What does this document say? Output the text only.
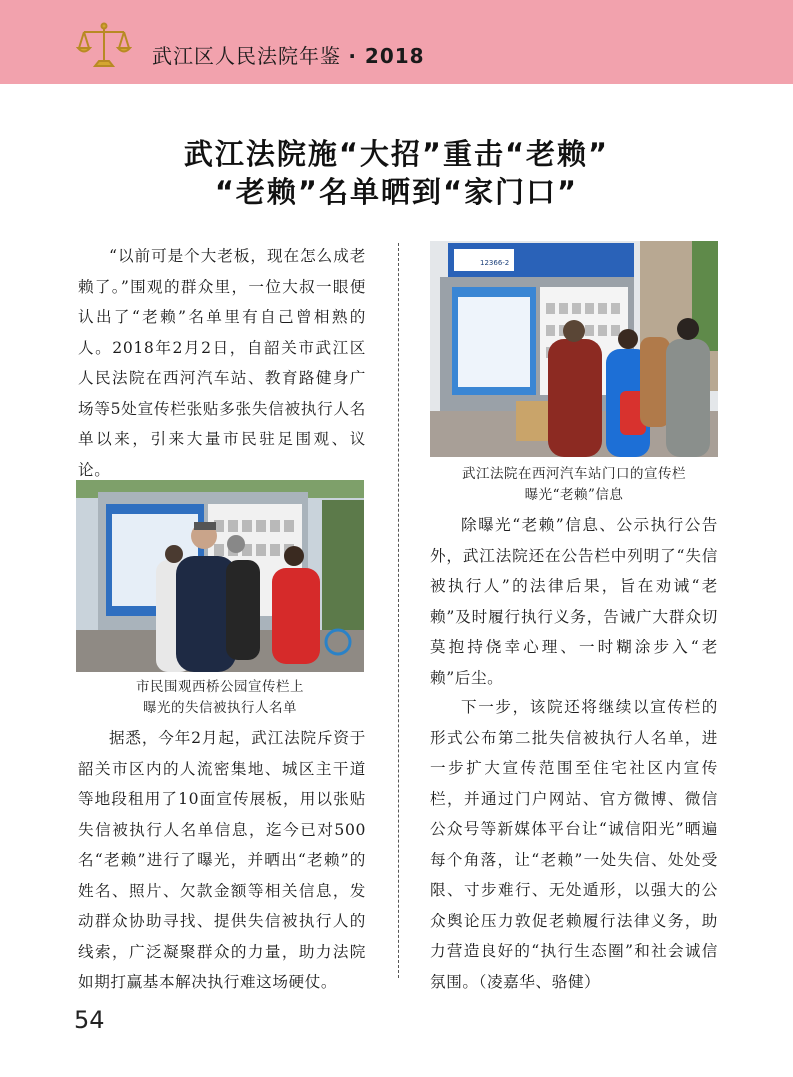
武江区人民法院年鉴 · 2018
武江法院施“大招”重击“老赖”
“老赖”名单晒到“家门口”

“以前可是个大老板，现在怎么成老赖了。”围观的群众里，一位大叔一眼便认出了“老赖”名单里有自己曾相熟的人。2018年2月2日，自韶关市武江区人民法院在西河汽车站、教育路健身广场等5处宣传栏张贴多张失信被执行人名单以来，引来大量市民驻足围观、议论。

市民围观西桥公园宣传栏上
曝光的失信被执行人名单

据悉，今年2月起，武江法院斥资于韶关市区内的人流密集地、城区主干道等地段租用了10面宣传展板，用以张贴失信被执行人名单信息，迄今已对500名“老赖”进行了曝光，并晒出“老赖”的姓名、照片、欠款金额等相关信息，发动群众协助寻找、提供失信被执行人的线索，广泛凝聚群众的力量，助力法院如期打赢基本解决执行难这场硬仗。

12366-2
武江法院在西河汽车站门口的宣传栏
曝光“老赖”信息

除曝光“老赖”信息、公示执行公告外，武江法院还在公告栏中列明了“失信被执行人”的法律后果，旨在劝诫“老赖”及时履行执行义务，告诫广大群众切莫抱持侥幸心理、一时糊涂步入“老赖”后尘。

下一步，该院还将继续以宣传栏的形式公布第二批失信被执行人名单，进一步扩大宣传范围至住宅社区内宣传栏，并通过门户网站、官方微博、微信公众号等新媒体平台让“诚信阳光”晒遍每个角落，让“老赖”一处失信、处处受限、寸步难行、无处遁形，以强大的公众舆论压力敦促老赖履行法律义务，助力营造良好的“执行生态圈”和社会诚信氛围。（凌嘉华、骆健）

54
